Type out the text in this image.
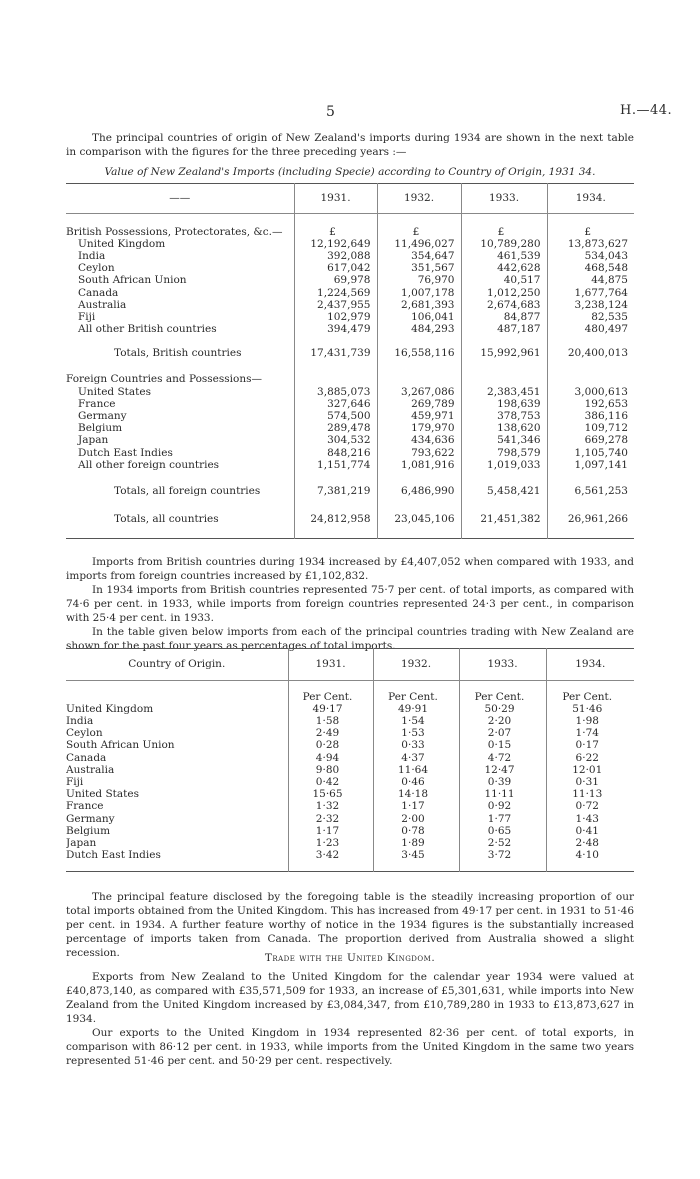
5	H.—44.
The principal countries of origin of New Zealand's imports during 1934 are shown in the next table in comparison with the figures for the three preceding years :—
Value of New Zealand's Imports (including Specie) according to Country of Origin, 1931 34.
——	1931.	1932.	1933.	1934.

British Possessions, Protectorates, &c.—	£	£	£	£
United Kingdom	12,192,649	11,496,027	10,789,280	13,873,627
India	392,088	354,647	461,539	534,043
Ceylon	617,042	351,567	442,628	468,548
South African Union	69,978	76,970	40,517	44,875
Canada	1,224,569	1,007,178	1,012,250	1,677,764
Australia	2,437,955	2,681,393	2,674,683	3,238,124
Fiji	102,979	106,041	84,877	82,535
All other British countries	394,479	484,293	487,187	480,497

Totals, British countries	17,431,739	16,558,116	15,992,961	20,400,013

Foreign Countries and Possessions—				
United States	3,885,073	3,267,086	2,383,451	3,000,613
France	327,646	269,789	198,639	192,653
Germany	574,500	459,971	378,753	386,116
Belgium	289,478	179,970	138,620	109,712
Japan	304,532	434,636	541,346	669,278
Dutch East Indies	848,216	793,622	798,579	1,105,740
All other foreign countries	1,151,774	1,081,916	1,019,033	1,097,141

Totals, all foreign countries	7,381,219	6,486,990	5,458,421	6,561,253

Totals, all countries	24,812,958	23,045,106	21,451,382	26,961,266

Imports from British countries during 1934 increased by £4,407,052 when compared with 1933, and imports from foreign countries increased by £1,102,832.
In 1934 imports from British countries represented 75·7 per cent. of total imports, as compared with 74·6 per cent. in 1933, while imports from foreign countries represented 24·3 per cent., in comparison with 25·4 per cent. in 1933.
In the table given below imports from each of the principal countries trading with New Zealand are shown for the past four years as percentages of total imports.
Country of Origin.	1931.	1932.	1933.	1934.

	Per Cent.	Per Cent.	Per Cent.	Per Cent.
United Kingdom	49·17	49·91	50·29	51·46
India	1·58	1·54	2·20	1·98
Ceylon	2·49	1·53	2·07	1·74
South African Union	0·28	0·33	0·15	0·17
Canada	4·94	4·37	4·72	6·22
Australia	9·80	11·64	12·47	12·01
Fiji	0·42	0·46	0·39	0·31
United States	15·65	14·18	11·11	11·13
France	1·32	1·17	0·92	0·72
Germany	2·32	2·00	1·77	1·43
Belgium	1·17	0·78	0·65	0·41
Japan	1·23	1·89	2·52	2·48
Dutch East Indies	3·42	3·45	3·72	4·10

The principal feature disclosed by the foregoing table is the steadily increasing proportion of our total imports obtained from the United Kingdom. This has increased from 49·17 per cent. in 1931 to 51·46 per cent. in 1934. A further feature worthy of notice in the 1934 figures is the substantially increased percentage of imports taken from Canada. The proportion derived from Australia showed a slight recession.	Trade with the United Kingdom.
Exports from New Zealand to the United Kingdom for the calendar year 1934 were valued at £40,873,140, as compared with £35,571,509 for 1933, an increase of £5,301,631, while imports into New Zealand from the United Kingdom increased by £3,084,347, from £10,789,280 in 1933 to £13,873,627 in 1934.
Our exports to the United Kingdom in 1934 represented 82·36 per cent. of total exports, in comparison with 86·12 per cent. in 1933, while imports from the United Kingdom in the same two years represented 51·46 per cent. and 50·29 per cent. respectively.
